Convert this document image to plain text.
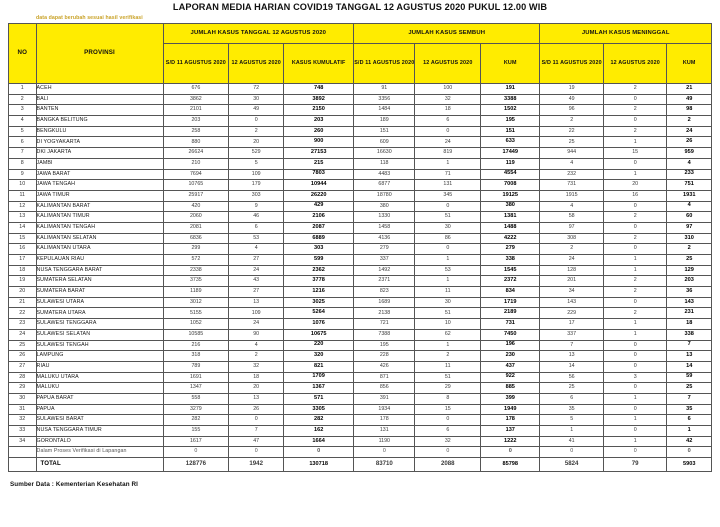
LAPORAN MEDIA HARIAN COVID19 TANGGAL 12 AGUSTUS 2020 PUKUL 12.00 WIB
data dapat berubah sesuai hasil verifikasi
NO	PROVINSI	JUMLAH KASUS TANGGAL 12 AGUSTUS 2020			JUMLAH KASUS SEMBUH			JUMLAH KASUS MENINGGAL		
		S/D 11 AGUSTUS 2020	12 AGUSTUS 2020	KASUS KUMULATIF	S/D 11 AGUSTUS 2020	12 AGUSTUS 2020	KUM	S/D 11 AGUSTUS 2020	12 AGUSTUS 2020	KUM
1	ACEH	676	72	748	91	100	191	19	2	21
2	BALI	3862	30	3892	3356	32	3388	49	0	49
3	BANTEN	2101	49	2150	1484	18	1502	96	2	98
4	BANGKA BELITUNG	203	0	203	189	6	195	2	0	2
5	BENGKULU	258	2	260	151	0	151	22	2	24
6	DI YOGYAKARTA	880	20	900	609	24	633	25	1	26
7	DKI JAKARTA	26624	529	27153	16630	819	17449	944	15	959
8	JAMBI	210	5	215	118	1	119	4	0	4
9	JAWA BARAT	7694	109	7803	4483	71	4554	232	1	233
10	JAWA TENGAH	10765	179	10944	6877	131	7008	731	20	751
11	JAWA TIMUR	25917	303	26220	18780	345	19125	1915	16	1931
12	KALIMANTAN BARAT	420	9	429	380	0	380	4	0	4
13	KALIMANTAN TIMUR	2060	46	2106	1330	51	1381	58	2	60
14	KALIMANTAN TENGAH	2081	6	2087	1458	30	1488	97	0	97
15	KALIMANTAN SELATAN	6836	53	6889	4136	86	4222	308	2	310
16	KALIMANTAN UTARA	299	4	303	279	0	279	2	0	2
17	KEPULAUAN RIAU	572	27	599	337	1	338	24	1	25
18	NUSA TENGGARA BARAT	2338	24	2362	1492	53	1545	128	1	129
19	SUMATERA SELATAN	3735	43	3778	2371	1	2372	201	2	203
20	SUMATERA BARAT	1189	27	1216	823	11	834	34	2	36
21	SULAWESI UTARA	3012	13	3025	1689	30	1719	143	0	143
22	SUMATERA UTARA	5155	109	5264	2138	51	2189	229	2	231
23	SULAWESI TENGGARA	1052	24	1076	721	10	731	17	1	18
24	SULAWESI SELATAN	10585	90	10675	7388	62	7450	337	1	338
25	SULAWESI TENGAH	216	4	220	195	1	196	7	0	7
26	LAMPUNG	318	2	320	228	2	230	13	0	13
27	RIAU	789	32	821	426	11	437	14	0	14
28	MALUKU UTARA	1691	18	1709	871	51	922	56	3	59
29	MALUKU	1347	20	1367	856	29	885	25	0	25
30	PAPUA BARAT	558	13	571	391	8	399	6	1	7
31	PAPUA	3279	26	3305	1934	15	1949	35	0	35
32	SULAWESI BARAT	282	0	282	178	0	178	5	1	6
33	NUSA TENGGARA TIMUR	155	7	162	131	6	137	1	0	1
34	GORONTALO	1617	47	1664	1190	32	1222	41	1	42
	Dalam Proses Verifikasi di Lapangan	0	0	0	0	0	0	0	0	0
	TOTAL	128776	1942	130718	83710	2088	85798	5824	79	5903
Sumber Data : Kementerian Kesehatan RI
